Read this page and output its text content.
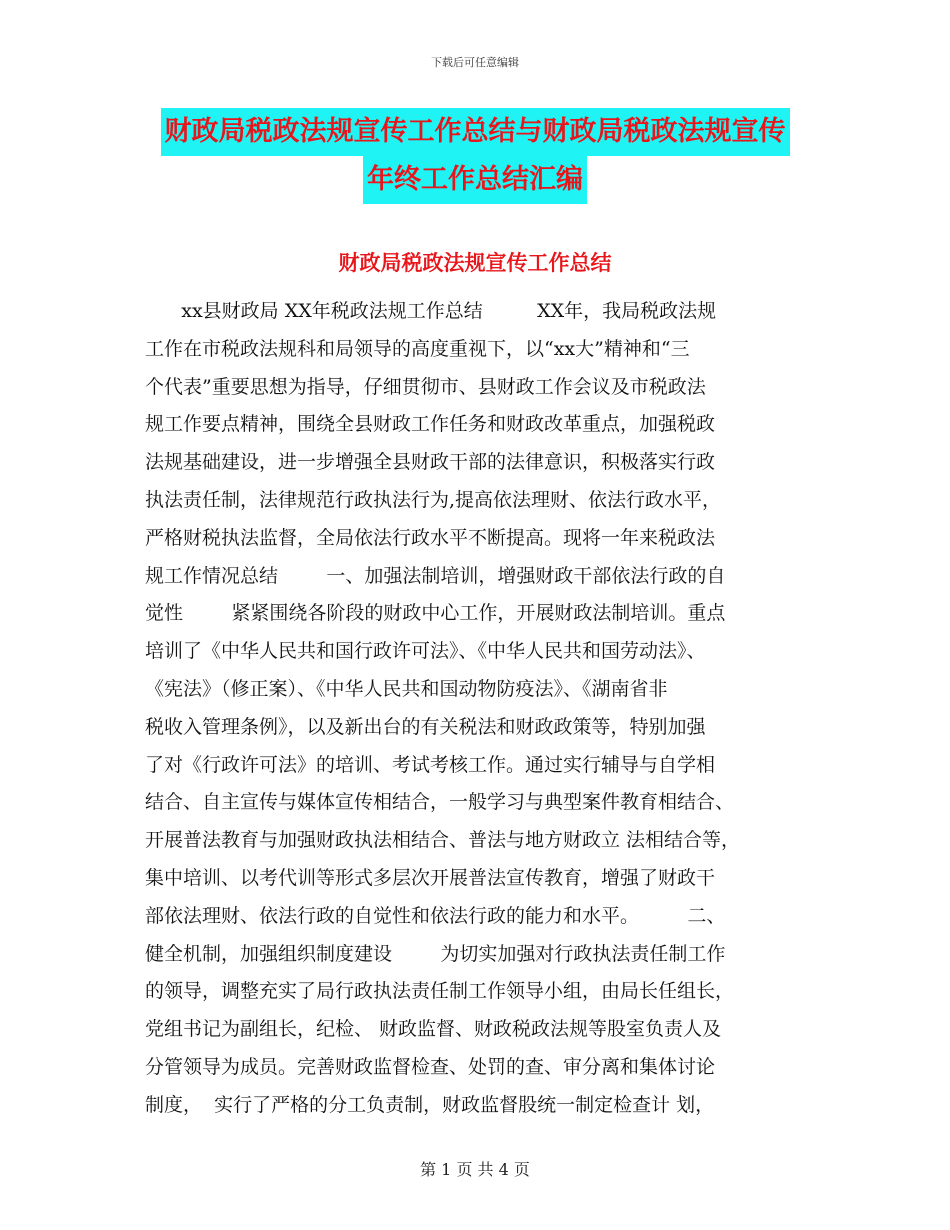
下载后可任意编辑
财政局税政法规宣传工作总结与财政局税政法规宣传
年终工作总结汇编
财政局税政法规宣传工作总结
xx县财政局 XX年税政法规工作总结         XX年，我局税政法规
工作在市税政法规科和局领导的高度重视下，以“xx大”精神和“三
个代表”重要思想为指导，仔细贯彻市、县财政工作会议及市税政法
规工作要点精神，围绕全县财政工作任务和财政改革重点，加强税政
法规基础建设，进一步增强全县财政干部的法律意识，积极落实行政
执法责任制，法律规范行政执法行为,提高依法理财、依法行政水平，
严格财税执法监督，全局依法行政水平不断提高。现将一年来税政法
规工作情况总结        一、加强法制培训，增强财政干部依法行政的自
觉性        紧紧围绕各阶段的财政中心工作，开展财政法制培训。重点
培训了《中华人民共和国行政许可法》、《中华人民共和国劳动法》、
《宪法》（修正案）、《中华人民共和国动物防疫法》、《湖南省非
税收入管理条例》，以及新出台的有关税法和财政政策等，特别加强
了对《行政许可法》的培训、考试考核工作。通过实行辅导与自学相
结合、自主宣传与媒体宣传相结合，一般学习与典型案件教育相结合、
开展普法教育与加强财政执法相结合、普法与地方财政立 法相结合等，
集中培训、以考代训等形式多层次开展普法宣传教育，增强了财政干
部依法理财、依法行政的自觉性和依法行政的能力和水平。        二、
健全机制，加强组织制度建设        为切实加强对行政执法责任制工作
的领导，调整充实了局行政执法责任制工作领导小组，由局长任组长，
党组书记为副组长，纪检、 财政监督、财政税政法规等股室负责人及
分管领导为成员。完善财政监督检查、处罚的查、审分离和集体讨论
制度，  实行了严格的分工负责制，财政监督股统一制定检查计 划，
第 1 页 共 4 页
